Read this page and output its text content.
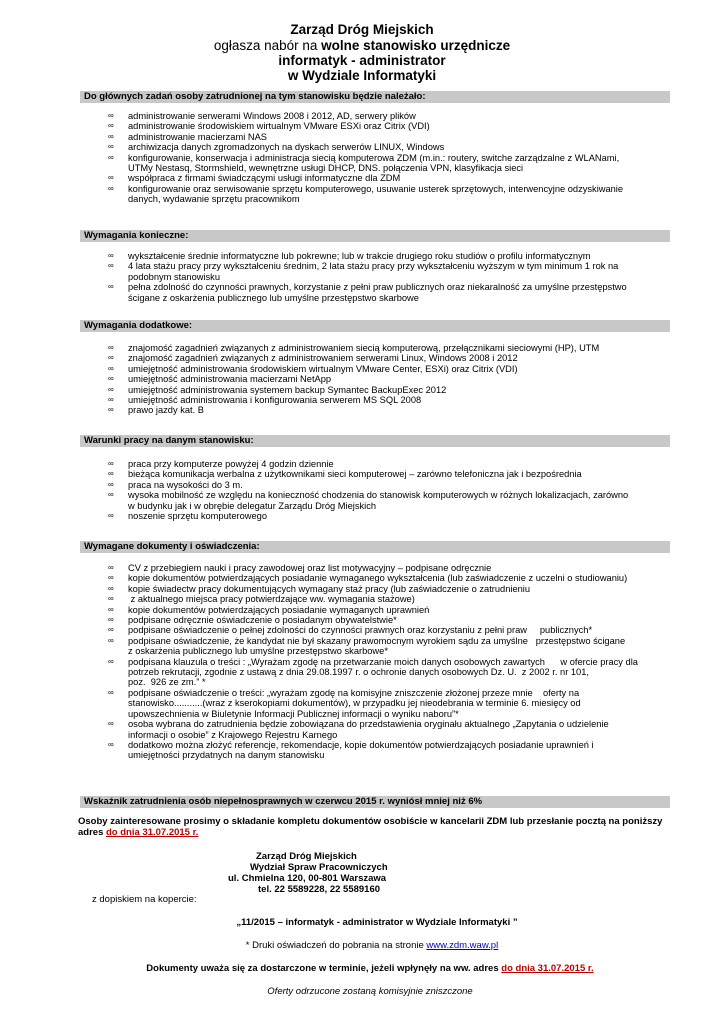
Zarząd Dróg Miejskich
ogłasza nabór na wolne stanowisko urzędnicze
informatyk - administrator
w Wydziale Informatyki
Do głównych zadań osoby zatrudnionej na tym stanowisku będzie należało:
∞ administrowanie serwerami Windows 2008 i 2012, AD, serwery plików
∞ administrowanie środowiskiem wirtualnym VMware ESXi oraz Citrix (VDI)
∞ administrowanie macierzami NAS
∞ archiwizacja danych zgromadzonych na dyskach serwerów LINUX, Windows
∞ konfigurowanie, konserwacja i administracja siecią komputerowa ZDM (m.in.: routery, switche zarządzalne z WLANami,
UTMy Nestasq, Stormshield, wewnętrzne usługi DHCP, DNS. połączenia VPN, klasyfikacja sieci
∞ współpraca z firmami świadczącymi usługi informatyczne dla ZDM
∞ konfigurowanie oraz serwisowanie sprzętu komputerowego, usuwanie usterek sprzętowych, interwencyjne odzyskiwanie
danych, wydawanie sprzętu pracownikom
Wymagania konieczne:
∞ wykształcenie średnie informatyczne lub pokrewne; lub w trakcie drugiego roku studiów o profilu informatycznym
∞ 4 lata stażu pracy przy wykształceniu średnim, 2 lata stażu pracy przy wykształceniu wyższym w tym minimum 1 rok na
podobnym stanowisku
∞ pełna zdolność do czynności prawnych, korzystanie z pełni praw publicznych oraz niekaralność za umyślne przestępstwo
ścigane z oskarżenia publicznego lub umyślne przestępstwo skarbowe
Wymagania dodatkowe:
∞ znajomość zagadnień związanych z administrowaniem siecią komputerową, przełącznikami sieciowymi (HP), UTM
∞ znajomość zagadnień związanych z administrowaniem serwerami Linux, Windows 2008 i 2012
∞ umiejętność administrowania środowiskiem wirtualnym VMware Center, ESXi) oraz Citrix (VDI)
∞ umiejętność administrowania macierzami NetApp
∞ umiejętność administrowania systemem backup Symantec BackupExec 2012
∞ umiejętność administrowania i konfigurowania serwerem MS SQL 2008
∞ prawo jazdy kat. B
Warunki pracy na danym stanowisku:
∞ praca przy komputerze powyżej 4 godzin dziennie
∞ bieżąca komunikacja werbalna z użytkownikami sieci komputerowej – zarówno telefoniczna jak i bezpośrednia
∞ praca na wysokości do 3 m.
∞ wysoka mobilność ze względu na konieczność chodzenia do stanowisk komputerowych w różnych lokalizacjach, zarówno
w budynku jak i w obrębie delegatur Zarządu Dróg Miejskich
∞ noszenie sprzętu komputerowego
Wymagane dokumenty i oświadczenia:
∞ CV z przebiegiem nauki i pracy zawodowej oraz list motywacyjny – podpisane odręcznie
∞ kopie dokumentów potwierdzających posiadanie wymaganego wykształcenia (lub zaświadczenie z uczelni o studiowaniu)
∞ kopie świadectw pracy dokumentujących wymagany staż pracy (lub zaświadczenie o zatrudnieniu
∞ z aktualnego miejsca pracy potwierdzające ww. wymagania stażowe)
∞ kopie dokumentów potwierdzających posiadanie wymaganych uprawnień
∞ podpisane odręcznie oświadczenie o posiadanym obywatelstwie*
∞ podpisane oświadczenie o pełnej zdolności do czynności prawnych oraz korzystaniu z pełni praw     publicznych*
∞ podpisane oświadczenie, że kandydat nie był skazany prawomocnym wyrokiem sądu za umyślne   przestępstwo ścigane
z oskarżenia publicznego lub umyślne przestępstwo skarbowe*
∞ podpisana klauzula o treści : „Wyrażam zgodę na przetwarzanie moich danych osobowych zawartych      w ofercie pracy dla
potrzeb rekrutacji, zgodnie z ustawą z dnia 29.08.1997 r. o ochronie danych osobowych Dz. U.  z 2002 r. nr 101,
poz.  926 ze zm.” *
∞ podpisane oświadczenie o treści: „wyrażam zgodę na komisyjne zniszczenie złożonej przeze mnie    oferty na
stanowisko...........(wraz z kserokopiami dokumentów), w przypadku jej nieodebrania w terminie 6. miesięcy od
upowszechnienia w Biuletynie Informacji Publicznej informacji o wyniku naboru”*
∞ osoba wybrana do zatrudnienia będzie zobowiązana do przedstawienia oryginału aktualnego „Zapytania o udzielenie
informacji o osobie” z Krajowego Rejestru Karnego
∞ dodatkowo można złożyć referencje, rekomendacje, kopie dokumentów potwierdzających posiadanie uprawnień i
umiejętności przydatnych na danym stanowisku
Wskaźnik zatrudnienia osób niepełnosprawnych w czerwcu 2015 r. wyniósł mniej niż 6%
Osoby zainteresowane prosimy o składanie kompletu dokumentów osobiście w kancelarii ZDM lub przesłanie pocztą na poniższy adres do dnia 31.07.2015 r.
Zarząd Dróg Miejskich
Wydział Spraw Pracowniczych
ul. Chmielna 120, 00-801 Warszawa
tel. 22 5589228, 22 5589160
z dopiskiem na kopercie:
„11/2015 – informatyk - administrator w Wydziale Informatyki ”
* Druki oświadczeń do pobrania na stronie www.zdm.waw.pl
Dokumenty uważa się za dostarczone w terminie, jeżeli wpłynęły na ww. adres do dnia 31.07.2015 r.
Oferty odrzucone zostaną komisyjnie zniszczone
